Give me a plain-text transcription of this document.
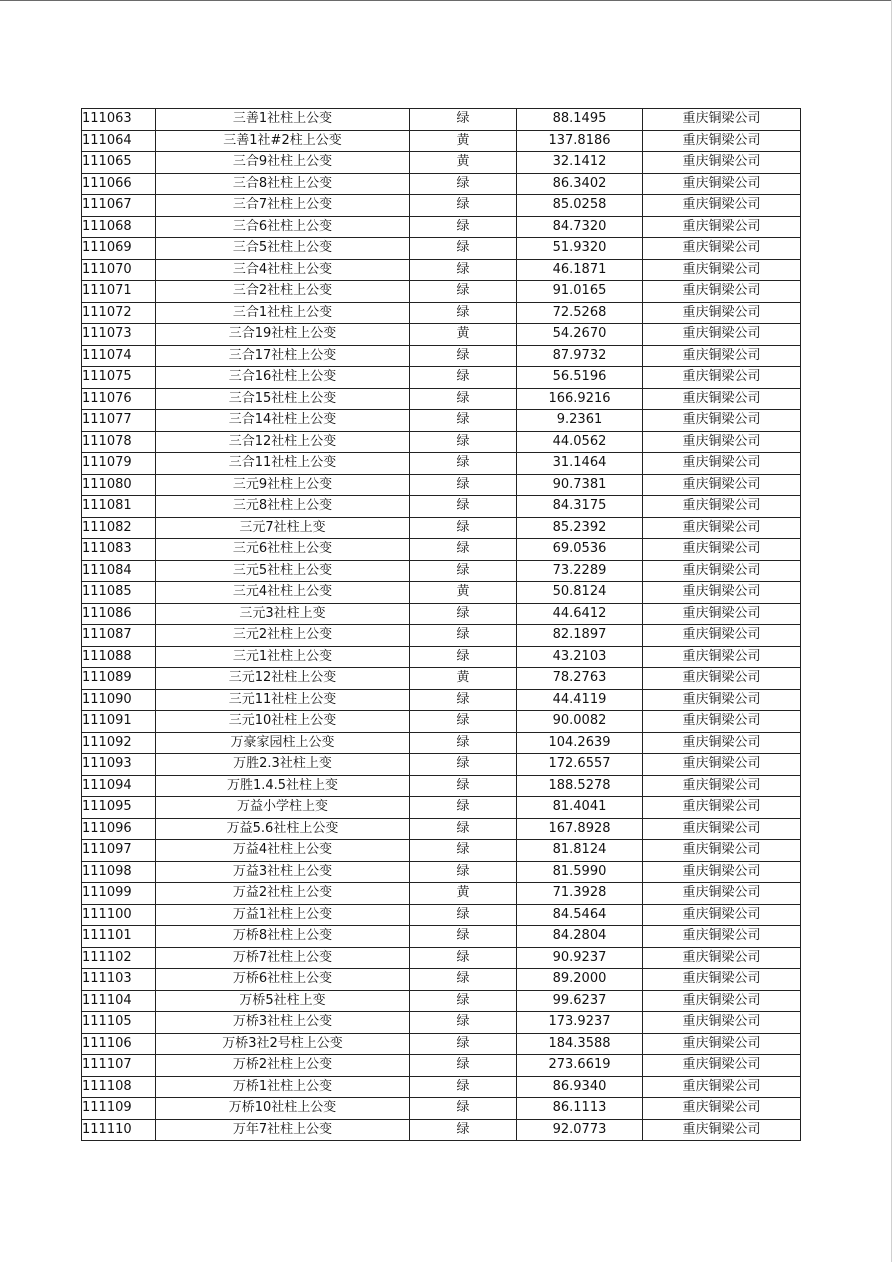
111063	三善1社柱上公变	绿	88.1495	重庆铜梁公司
111064	三善1社#2柱上公变	黄	137.8186	重庆铜梁公司
111065	三合9社柱上公变	黄	32.1412	重庆铜梁公司
111066	三合8社柱上公变	绿	86.3402	重庆铜梁公司
111067	三合7社柱上公变	绿	85.0258	重庆铜梁公司
111068	三合6社柱上公变	绿	84.7320	重庆铜梁公司
111069	三合5社柱上公变	绿	51.9320	重庆铜梁公司
111070	三合4社柱上公变	绿	46.1871	重庆铜梁公司
111071	三合2社柱上公变	绿	91.0165	重庆铜梁公司
111072	三合1社柱上公变	绿	72.5268	重庆铜梁公司
111073	三合19社柱上公变	黄	54.2670	重庆铜梁公司
111074	三合17社柱上公变	绿	87.9732	重庆铜梁公司
111075	三合16社柱上公变	绿	56.5196	重庆铜梁公司
111076	三合15社柱上公变	绿	166.9216	重庆铜梁公司
111077	三合14社柱上公变	绿	9.2361	重庆铜梁公司
111078	三合12社柱上公变	绿	44.0562	重庆铜梁公司
111079	三合11社柱上公变	绿	31.1464	重庆铜梁公司
111080	三元9社柱上公变	绿	90.7381	重庆铜梁公司
111081	三元8社柱上公变	绿	84.3175	重庆铜梁公司
111082	三元7社柱上变	绿	85.2392	重庆铜梁公司
111083	三元6社柱上公变	绿	69.0536	重庆铜梁公司
111084	三元5社柱上公变	绿	73.2289	重庆铜梁公司
111085	三元4社柱上公变	黄	50.8124	重庆铜梁公司
111086	三元3社柱上变	绿	44.6412	重庆铜梁公司
111087	三元2社柱上公变	绿	82.1897	重庆铜梁公司
111088	三元1社柱上公变	绿	43.2103	重庆铜梁公司
111089	三元12社柱上公变	黄	78.2763	重庆铜梁公司
111090	三元11社柱上公变	绿	44.4119	重庆铜梁公司
111091	三元10社柱上公变	绿	90.0082	重庆铜梁公司
111092	万豪家园柱上公变	绿	104.2639	重庆铜梁公司
111093	万胜2.3社柱上变	绿	172.6557	重庆铜梁公司
111094	万胜1.4.5社柱上变	绿	188.5278	重庆铜梁公司
111095	万益小学柱上变	绿	81.4041	重庆铜梁公司
111096	万益5.6社柱上公变	绿	167.8928	重庆铜梁公司
111097	万益4社柱上公变	绿	81.8124	重庆铜梁公司
111098	万益3社柱上公变	绿	81.5990	重庆铜梁公司
111099	万益2社柱上公变	黄	71.3928	重庆铜梁公司
111100	万益1社柱上公变	绿	84.5464	重庆铜梁公司
111101	万桥8社柱上公变	绿	84.2804	重庆铜梁公司
111102	万桥7社柱上公变	绿	90.9237	重庆铜梁公司
111103	万桥6社柱上公变	绿	89.2000	重庆铜梁公司
111104	万桥5社柱上变	绿	99.6237	重庆铜梁公司
111105	万桥3社柱上公变	绿	173.9237	重庆铜梁公司
111106	万桥3社2号柱上公变	绿	184.3588	重庆铜梁公司
111107	万桥2社柱上公变	绿	273.6619	重庆铜梁公司
111108	万桥1社柱上公变	绿	86.9340	重庆铜梁公司
111109	万桥10社柱上公变	绿	86.1113	重庆铜梁公司
111110	万年7社柱上公变	绿	92.0773	重庆铜梁公司
